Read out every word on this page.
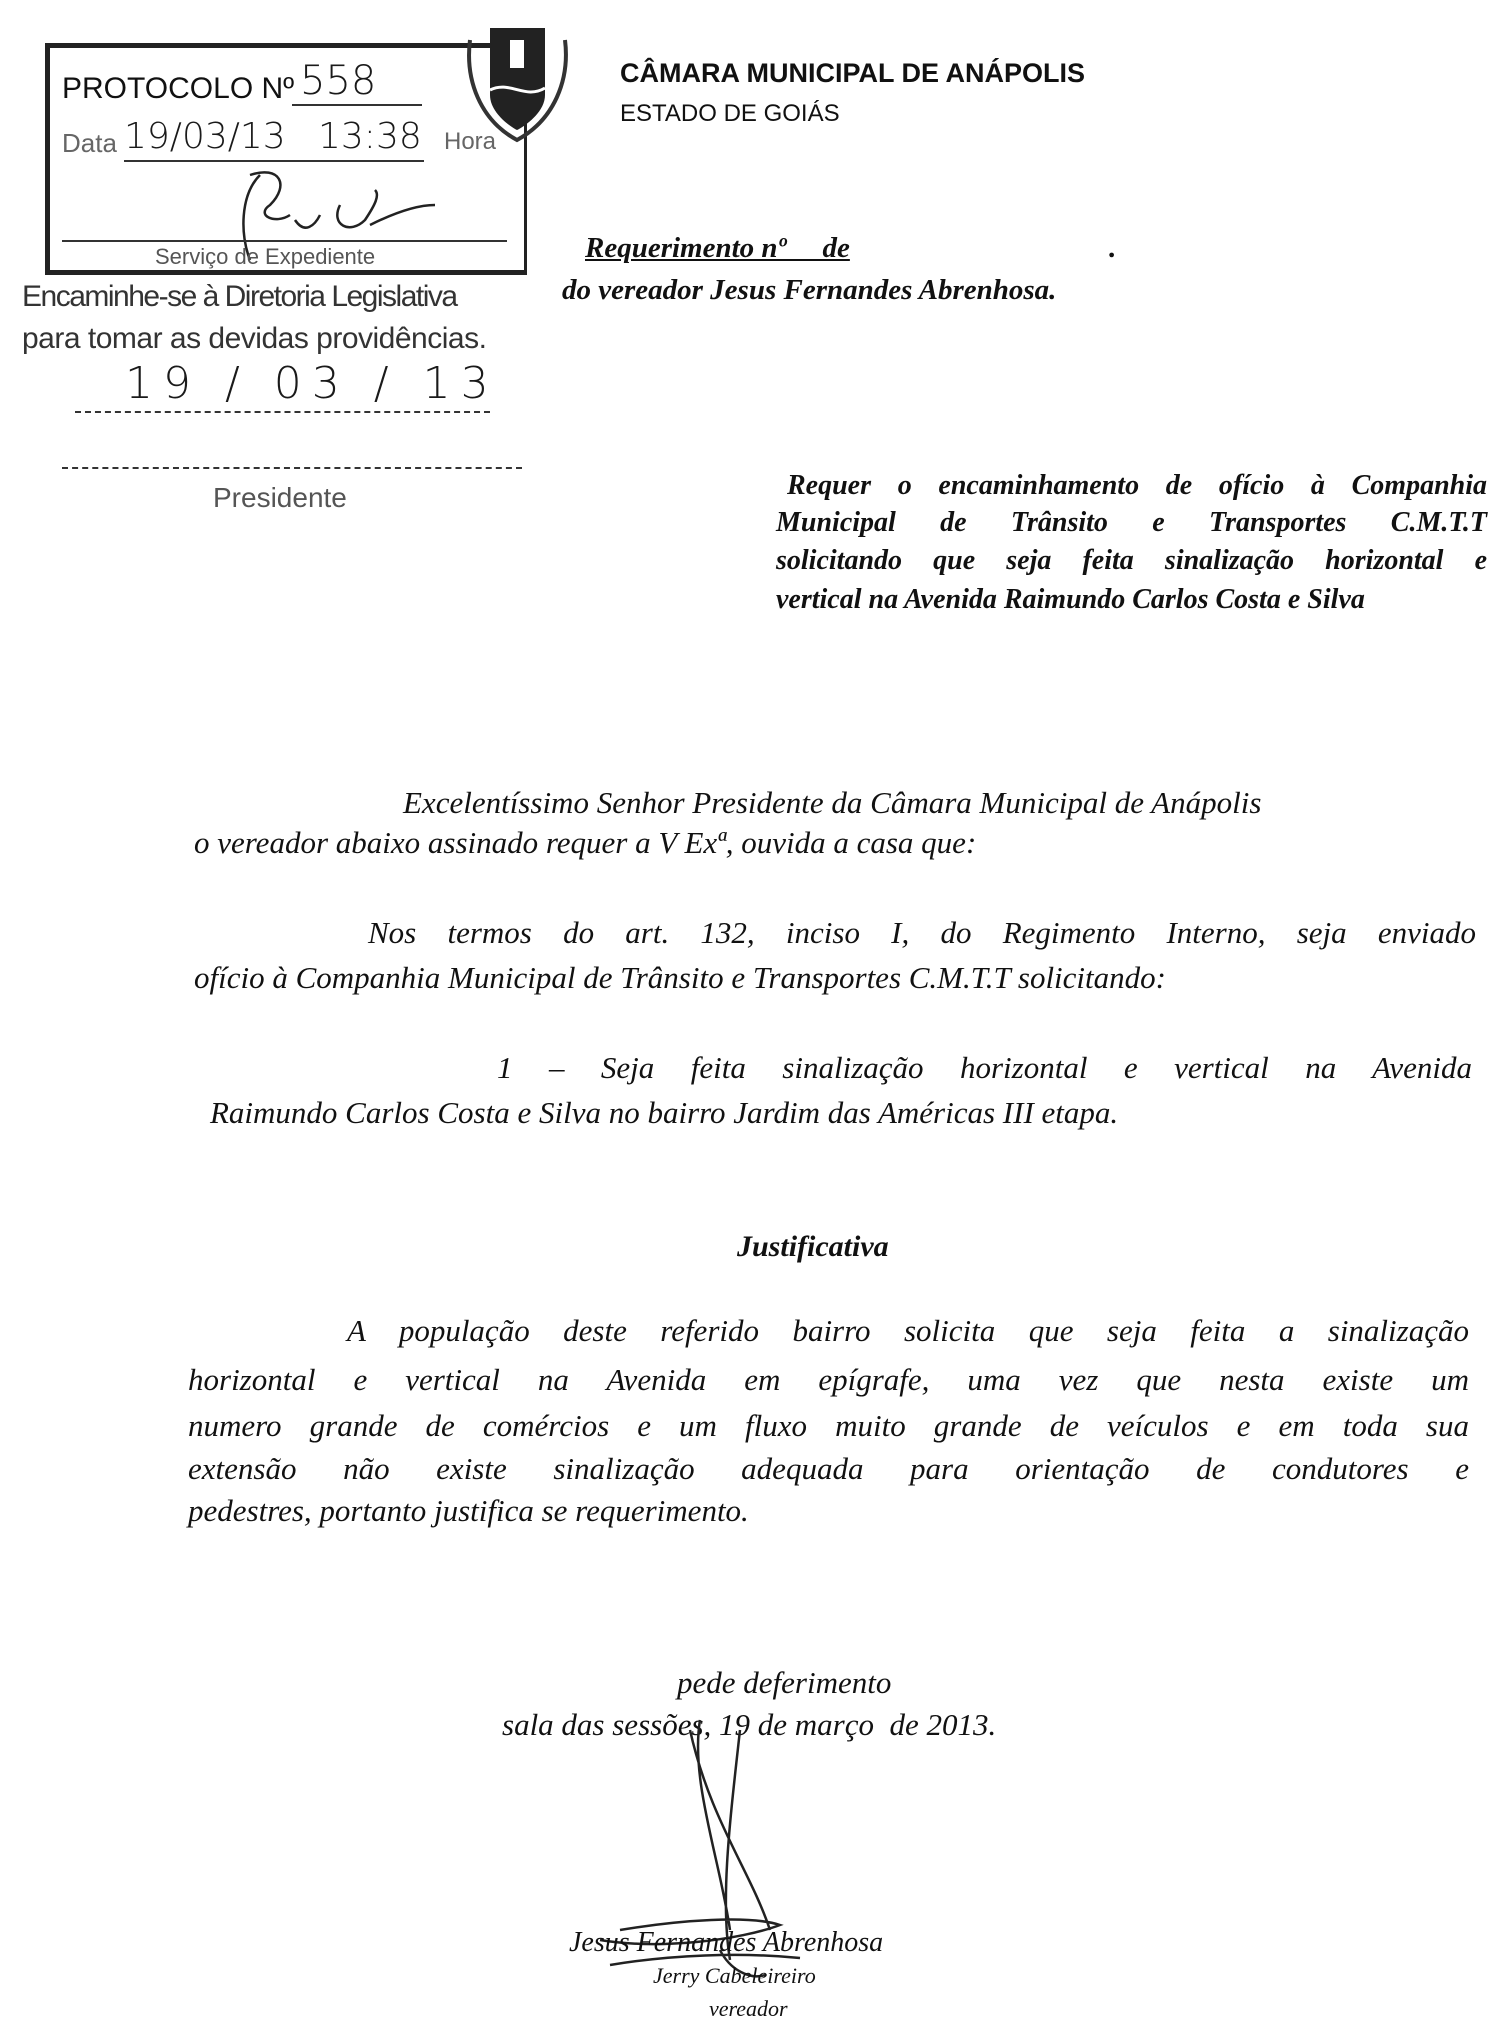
PROTOCOLO Nº 558
Data 19/03/13 13:38 Hora
Serviço de Expediente
Encaminhe-se à Diretoria Legislativa
para tomar as devidas providências.
19 / 03 / 13
Presidente
CÂMARA MUNICIPAL DE ANÁPOLIS
ESTADO DE GOIÁS
Requerimento nº     de	.
do vereador Jesus Fernandes Abrenhosa.
Requer o encaminhamento de ofício à Companhia
Municipal de Trânsito e Transportes C.M.T.T
solicitando que seja feita sinalização horizontal e
vertical na Avenida Raimundo Carlos Costa e Silva
Excelentíssimo Senhor Presidente da Câmara Municipal de Anápolis
o vereador abaixo assinado requer a V Exª, ouvida a casa que:
Nos termos do art. 132, inciso I, do Regimento Interno, seja enviado
ofício à Companhia Municipal de Trânsito e Transportes C.M.T.T solicitando:
1 – Seja feita sinalização horizontal e vertical na Avenida
Raimundo Carlos Costa e Silva no bairro Jardim das Américas III etapa.
Justificativa
A população deste referido bairro solicita que seja feita a sinalização
horizontal e vertical na Avenida em epígrafe, uma vez que nesta existe um
numero grande de comércios e um fluxo muito grande de veículos e em toda sua
extensão não existe sinalização adequada para orientação de condutores e
pedestres, portanto justifica se requerimento.
pede deferimento
sala das sessões, 19 de março  de 2013.
Jesus Fernandes Abrenhosa
Jerry Cabeleireiro
vereador
